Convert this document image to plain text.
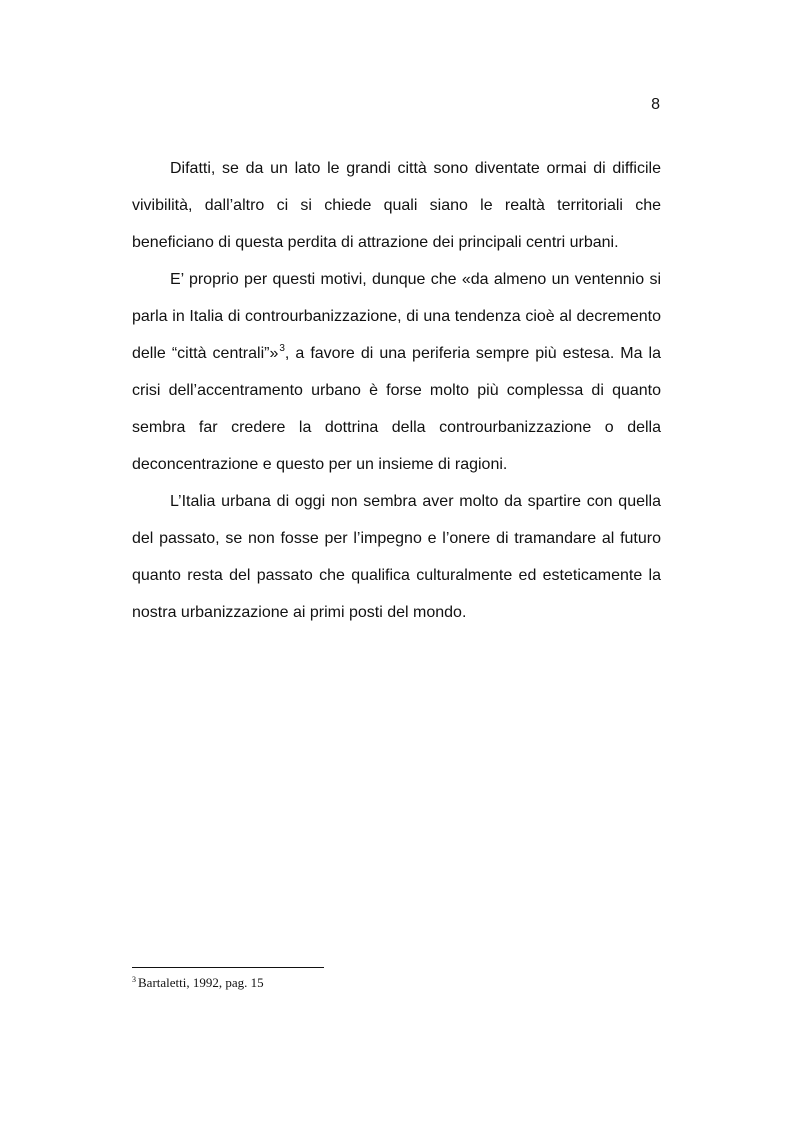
8

Difatti, se da un lato le grandi città sono diventate ormai di difficile vivibilità, dall’altro ci si chiede quali siano le realtà territoriali che beneficiano di questa perdita di attrazione dei principali centri urbani.

E’ proprio per questi motivi, dunque che «da almeno un ventennio si parla in Italia di controurbanizzazione, di una tendenza cioè al decremento delle “città centrali”»$^3$, a favore di una periferia sempre più estesa. Ma la crisi dell’accentramento urbano è forse molto più complessa di quanto sembra far credere la dottrina della controurbanizzazione o della deconcentrazione e questo per un insieme di ragioni.

L’Italia urbana di oggi non sembra aver molto da spartire con quella del passato, se non fosse per l’impegno e l’onere di tramandare al futuro quanto resta del passato che qualifica culturalmente ed esteticamente la nostra urbanizzazione ai primi posti del mondo.

$^3$ Bartaletti, 1992, pag. 15
